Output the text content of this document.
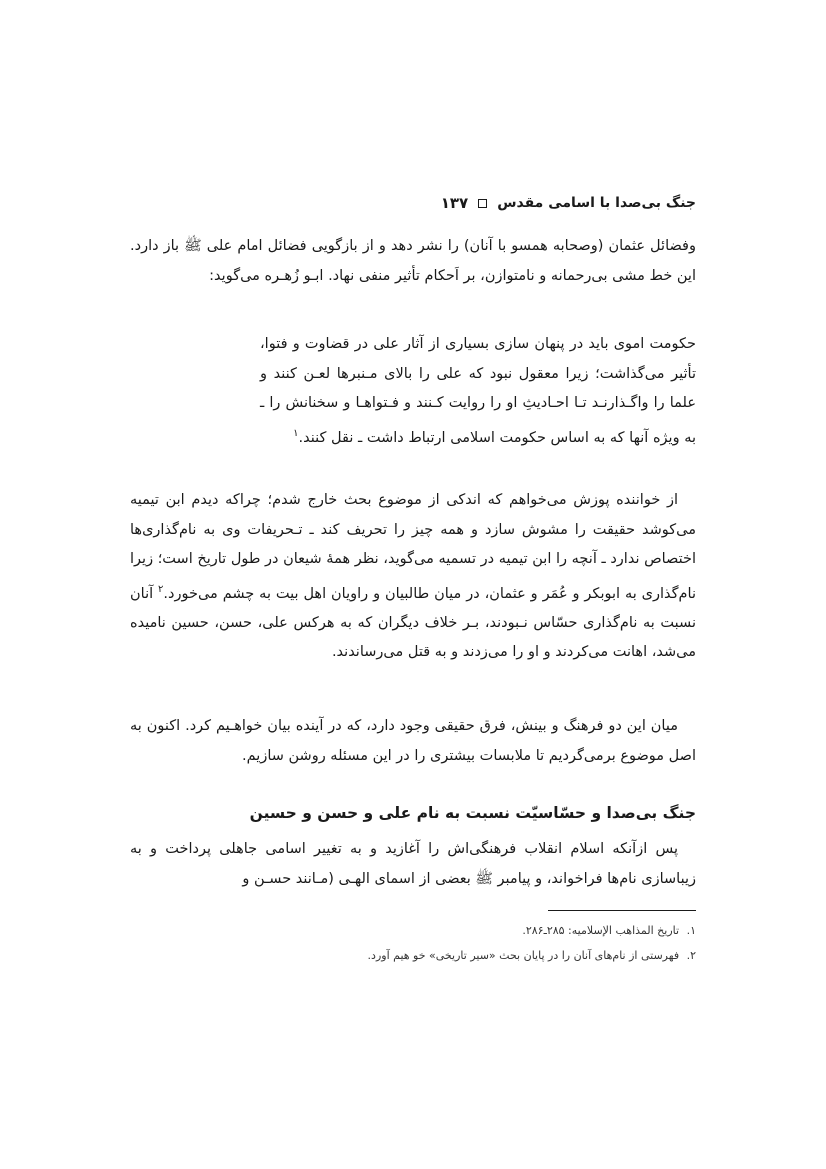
جنگ بی‌صدا با اسامی مقدس
۱۳۷

وفضائل عثمان (وصحابه همسو با آنان) را نشر دهد و از بازگویی فضائل امام علی ﷺ باز دارد. این خط مشی بی‌رحمانه و نامتوازن، بر اَحکام تأثیر منفی نهاد. ابـو زُهـره می‌گوید:

حکومت اموی باید در پنهان سازی بسیاری از آثار علی در قضاوت و فتوا، تأثیر می‌گذاشت؛ زیرا معقول نبود که علی را بالای مـنبرها لعـن کنند و علما را واگـذارنـد تـا احـادیثِ او را روایت کـنند و فـتواهـا و سخنانش را ـ به ویژه آنها که به اساس حکومت اسلامی ارتباط داشت ـ نقل کنند.$^۱$

از خواننده پوزش می‌خواهم که اندکی از موضوع بحث خارج شدم؛ چراکه دیدم ابن تیمیه می‌کوشد حقیقت را مشوش سازد و همه چیز را تحریف کند ـ تـحریفات وی به نام‌گذاری‌ها اختصاص ندارد ـ آنچه را ابن تیمیه در تسمیه می‌گوید، نظر همهٔ شیعان در طول تاریخ است؛ زیرا نام‌گذاری به ابوبکر و عُمَر و عثمان، در میان طالبیان و راویان اهل بیت به چشم می‌خورد.$^۲$ آنان نسبت به نام‌گذاری حسّاس نـبودند، بـر خلاف دیگران که به هرکس علی، حسن، حسین نامیده می‌شد، اهانت می‌کردند و او را می‌زدند و به قتل می‌رساندند.

میان این دو فرهنگ و بینش، فرق حقیقی وجود دارد، که در آینده بیان خواهـیم کرد. اکنون به اصل موضوع برمی‌گردیم تا ملابسات بیشتری را در این مسئله روشن سازیم.

جنگ بی‌صدا و حسّاسیّت نسبت به نام علی و حسن و حسین

پس ازآنکه اسلام انقلاب فرهنگی‌اش را آغازید و به تغییر اسامی جاهلی پرداخت و به زیباسازی نام‌ها فراخواند، و پیامبر ﷺ بعضی از اسمای الهـی (مـانند حسـن و

۱. تاریخ المذاهب الإسلامیه: ۲۸۵ـ۲۸۶.
۲. فهرستی از نام‌های آنان را در پایان بحث «سیر تاریخی» خو هیم آورد.
